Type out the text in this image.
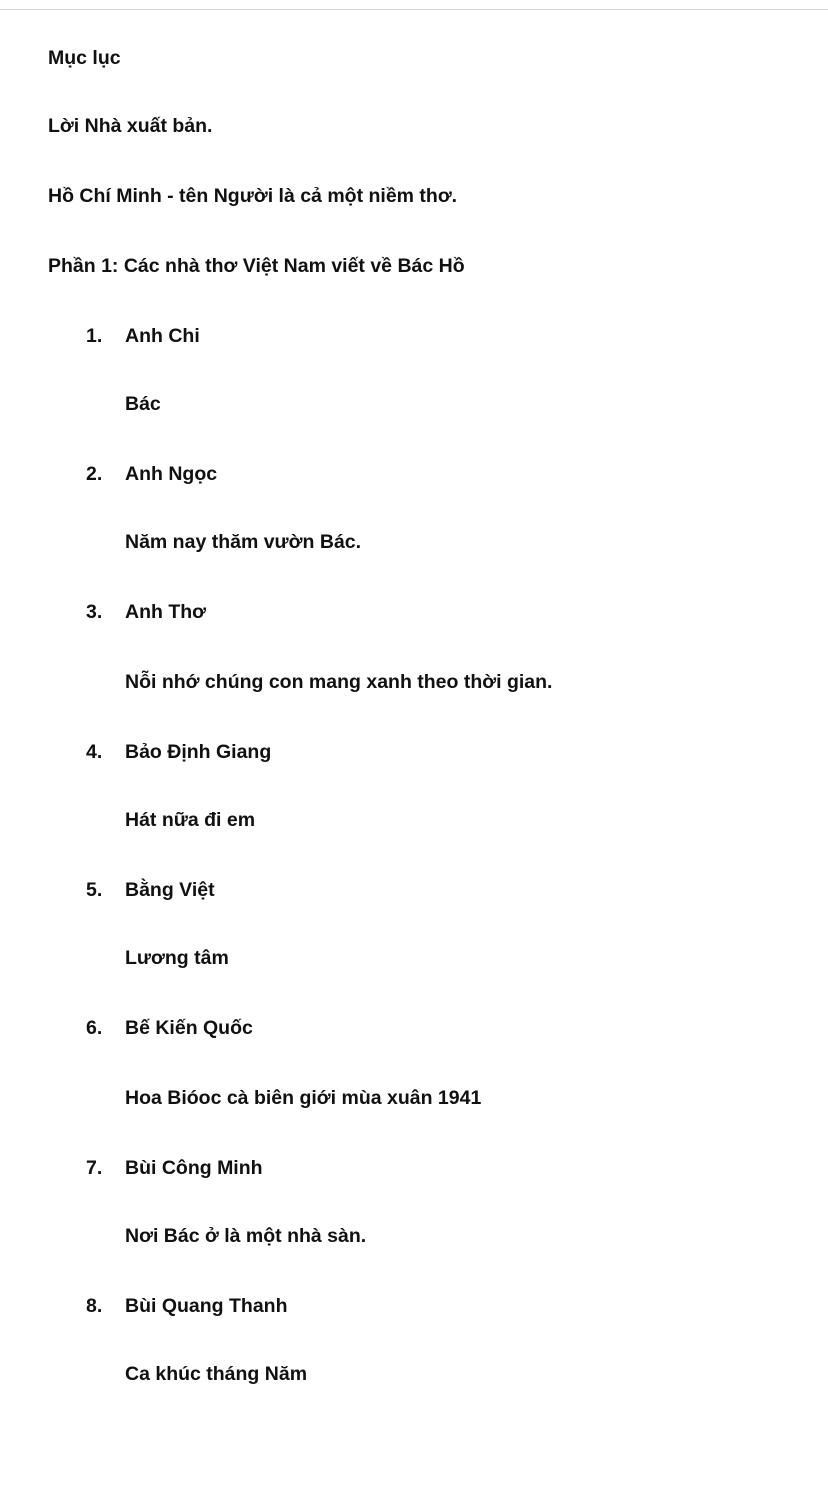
Mục lục
Lời Nhà xuất bản.
Hồ Chí Minh - tên Người là cả một niềm thơ.
Phần 1: Các nhà thơ Việt Nam viết về Bác Hồ
1. Anh Chi
Bác
2. Anh Ngọc
Năm nay thăm vườn Bác.
3. Anh Thơ
Nỗi nhớ chúng con mang xanh theo thời gian.
4. Bảo Định Giang
Hát nữa đi em
5. Bằng Việt
Lương tâm
6. Bế Kiến Quốc
Hoa Bióoc cà biên giới mùa xuân 1941
7. Bùi Công Minh
Nơi Bác ở là một nhà sàn.
8. Bùi Quang Thanh
Ca khúc tháng Năm
